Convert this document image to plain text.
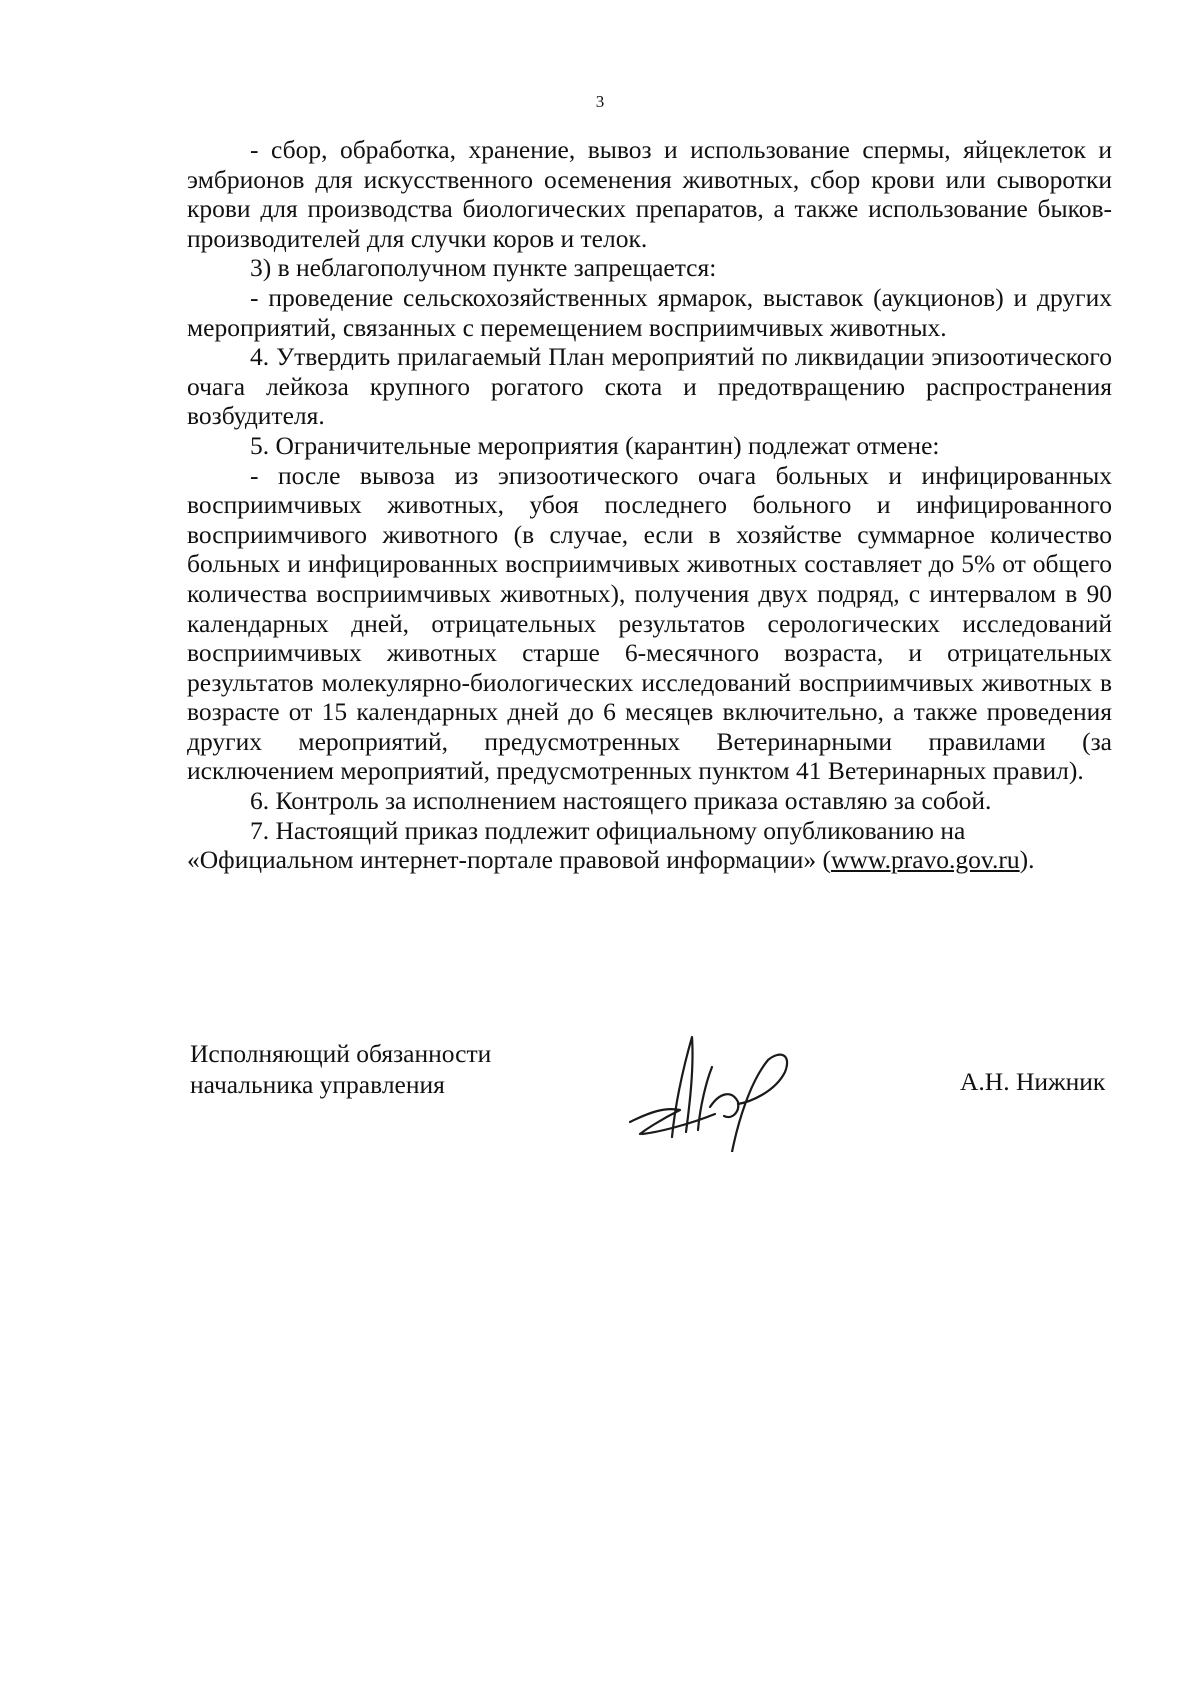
3

- сбор, обработка, хранение, вывоз и использование спермы, яйцеклеток и эмбрионов для искусственного осеменения животных, сбор крови или сыворотки крови для производства биологических препаратов, а также использование быков-производителей для случки коров и телок.

3) в неблагополучном пункте запрещается:

- проведение сельскохозяйственных ярмарок, выставок (аукционов) и других мероприятий, связанных с перемещением восприимчивых животных.

4. Утвердить прилагаемый План мероприятий по ликвидации эпизоотического очага лейкоза крупного рогатого скота и предотвращению распространения возбудителя.

5. Ограничительные мероприятия (карантин) подлежат отмене:

- после вывоза из эпизоотического очага больных и инфицированных восприимчивых животных, убоя последнего больного и инфицированного восприимчивого животного (в случае, если в хозяйстве суммарное количество больных и инфицированных восприимчивых животных составляет до 5% от общего количества восприимчивых животных), получения двух подряд, с интервалом в 90 календарных дней, отрицательных результатов серологических исследований восприимчивых животных старше 6-месячного возраста, и отрицательных результатов молекулярно-биологических исследований восприимчивых животных в возрасте от 15 календарных дней до 6 месяцев включительно, а также проведения других мероприятий, предусмотренных Ветеринарными правилами (за исключением мероприятий, предусмотренных пунктом 41 Ветеринарных правил).

6. Контроль за исполнением настоящего приказа оставляю за собой.

7. Настоящий приказ подлежит официальному опубликованию на

«Официальном интернет-портале правовой информации» (www.pravo.gov.ru).

Исполняющий обязанности
начальника управления	А.Н. Нижник
